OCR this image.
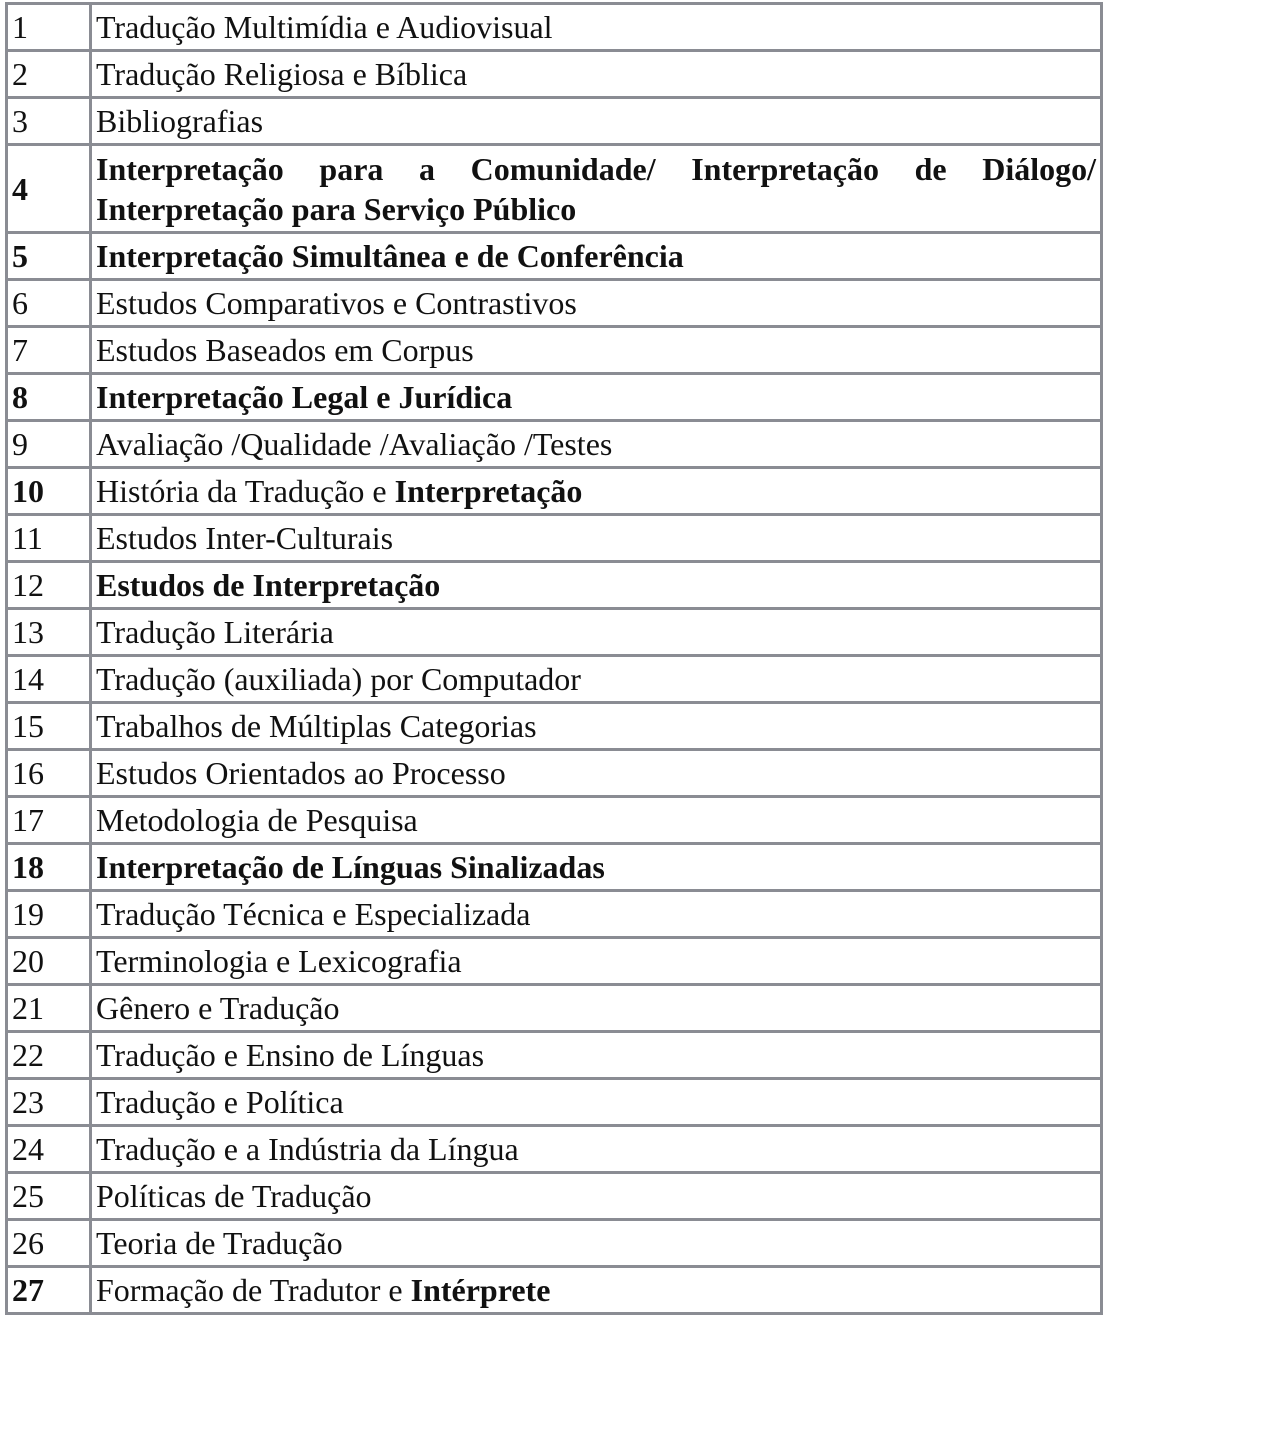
1	Tradução Multimídia e Audiovisual
2	Tradução Religiosa e Bíblica
3	Bibliografias
4	Interpretação para a Comunidade/ Interpretação de Diálogo/ Interpretação para Serviço Público
5	Interpretação Simultânea e de Conferência
6	Estudos Comparativos e Contrastivos
7	Estudos Baseados em Corpus
8	Interpretação Legal e Jurídica
9	Avaliação /Qualidade /Avaliação /Testes
10	História da Tradução e Interpretação
11	Estudos Inter-Culturais
12	Estudos de Interpretação
13	Tradução Literária
14	Tradução (auxiliada) por Computador
15	Trabalhos de Múltiplas Categorias
16	Estudos Orientados ao Processo
17	Metodologia de Pesquisa
18	Interpretação de Línguas Sinalizadas
19	Tradução Técnica e Especializada
20	Terminologia e Lexicografia
21	Gênero e Tradução
22	Tradução e Ensino de Línguas
23	Tradução e Política
24	Tradução e a Indústria da Língua
25	Políticas de Tradução
26	Teoria de Tradução
27	Formação de Tradutor e Intérprete
